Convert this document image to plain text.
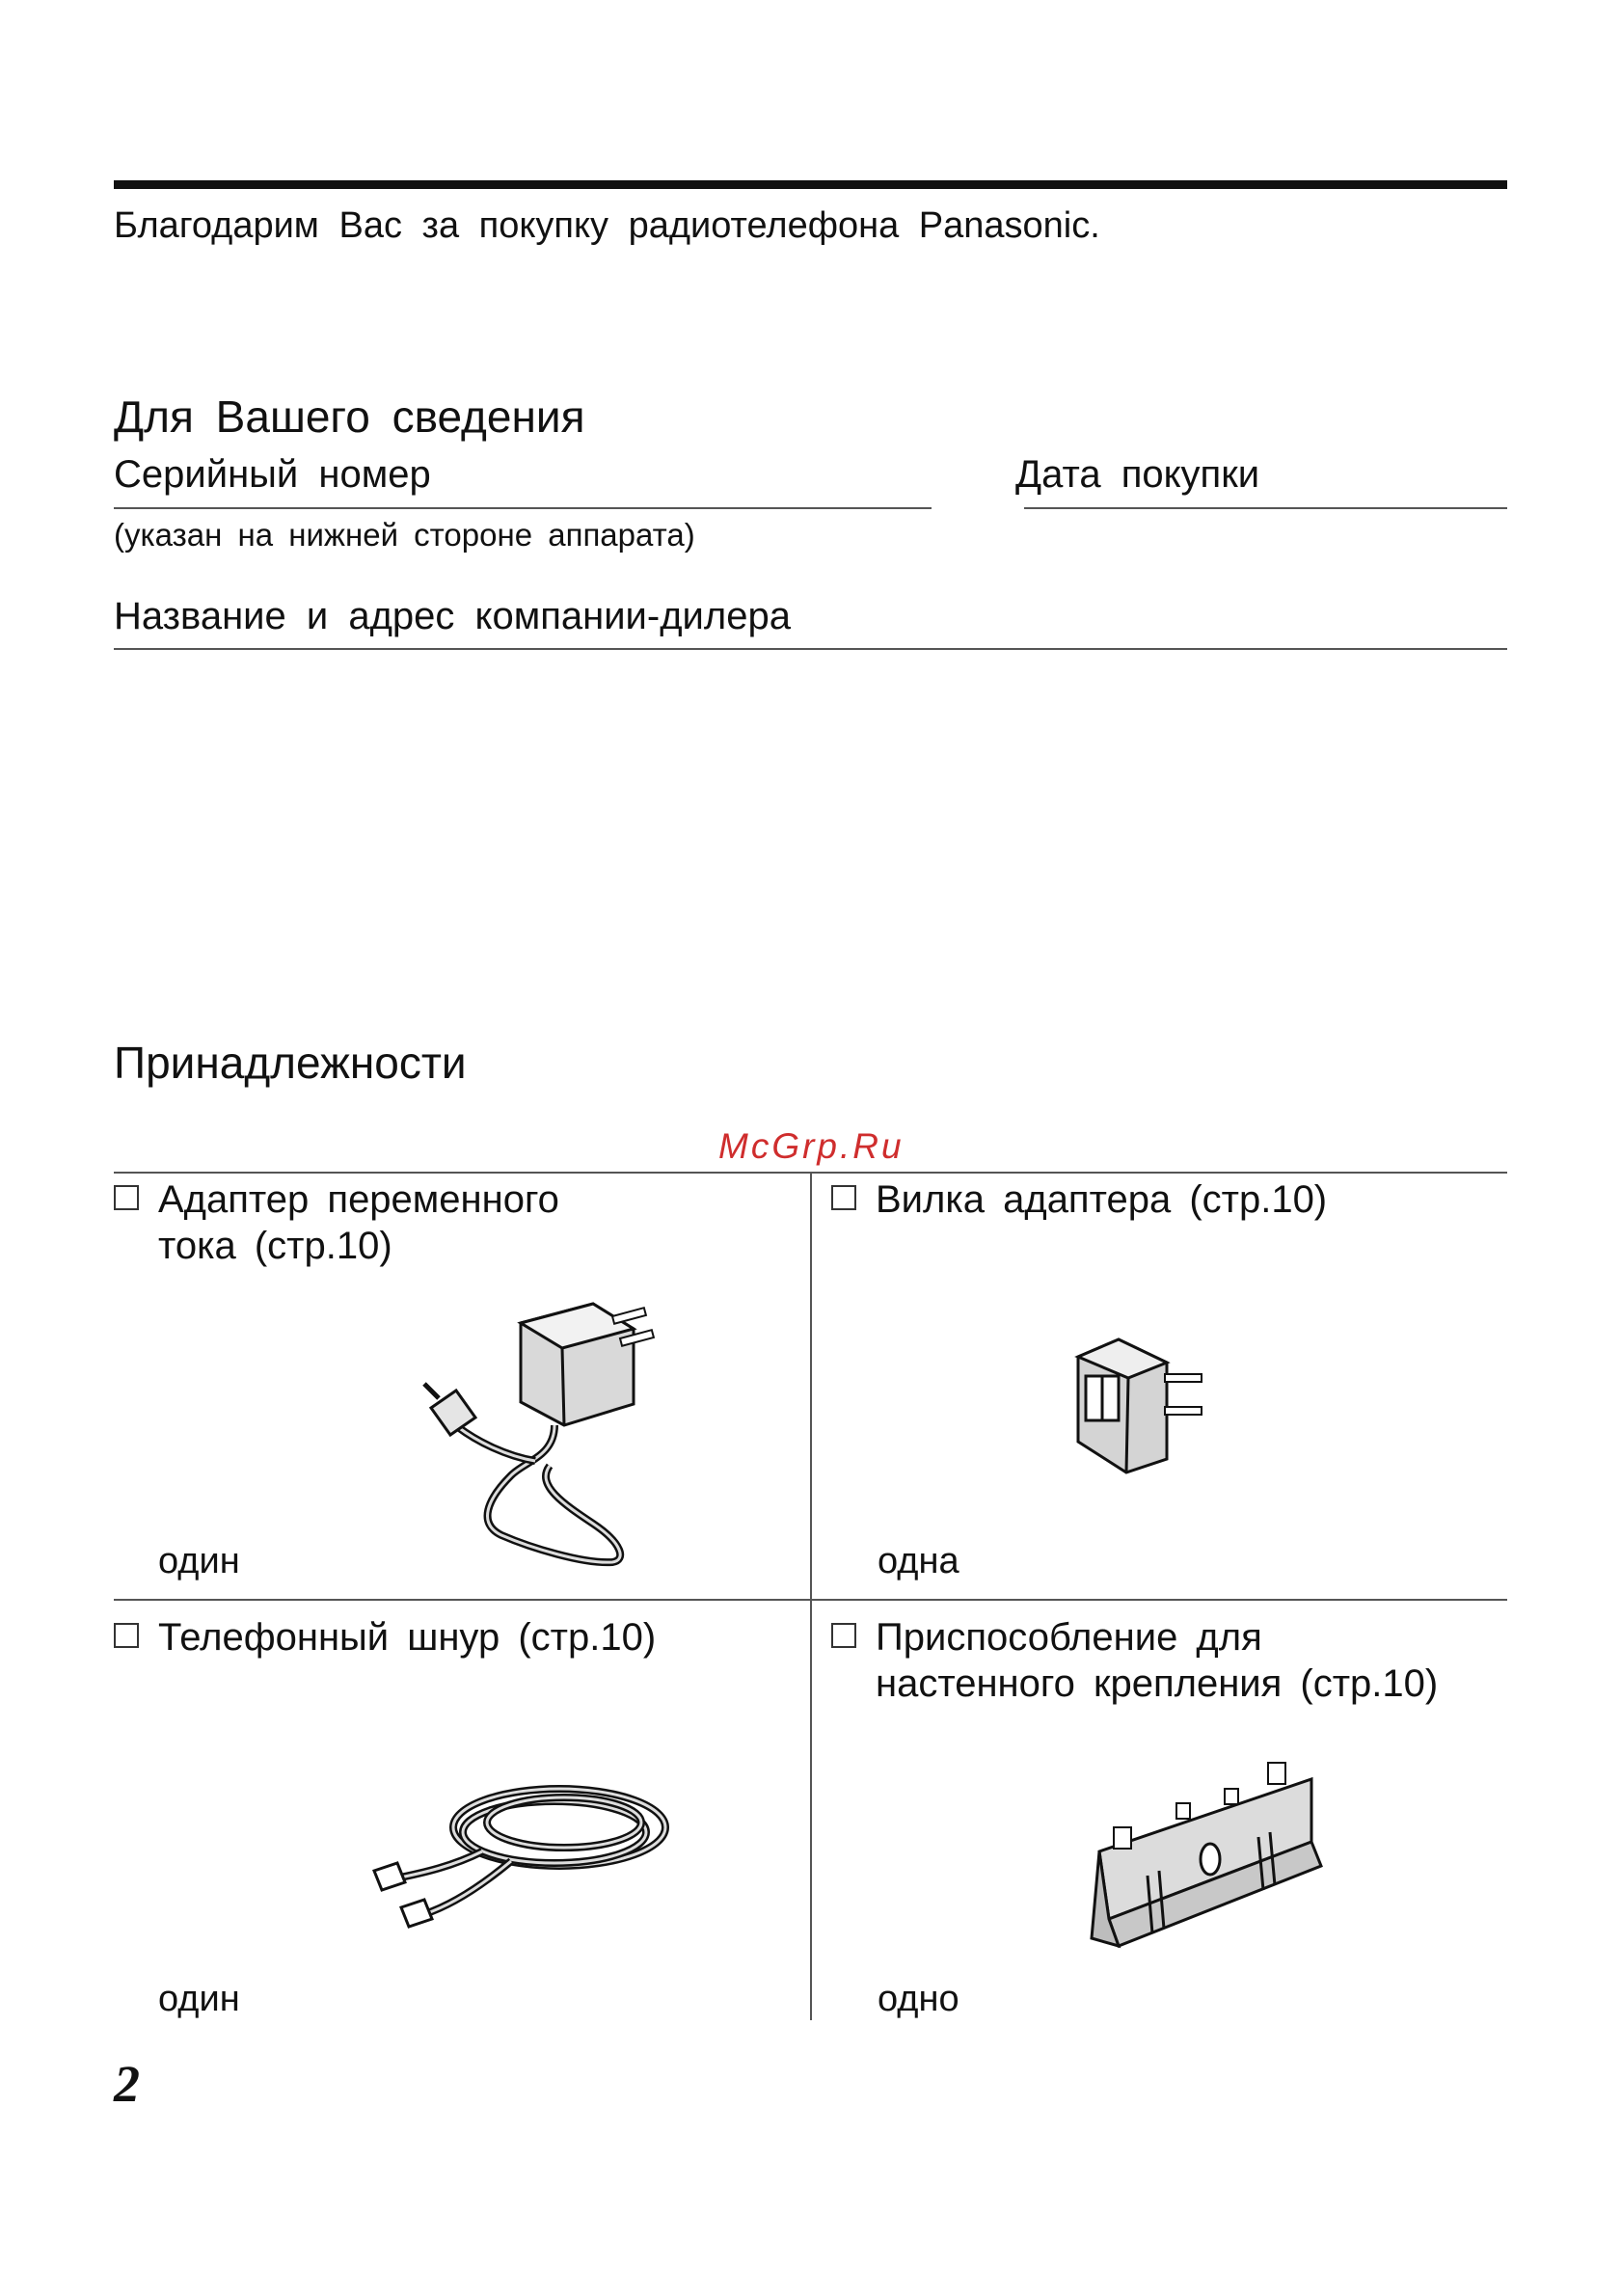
Благодарим Вас за покупку радиотелефона Panasonic.
Для Вашего сведения
Серийный номер
(указан на нижней стороне аппарата)
Дата покупки
Название и адрес компании-дилера
Принадлежности
McGrp.Ru
Адаптер переменного
тока (стр.10)
один
Вилка адаптера (стр.10)
одна
Телефонный шнур (стр.10)
один
Приспособление для
настенного крепления (стр.10)
одно
2
